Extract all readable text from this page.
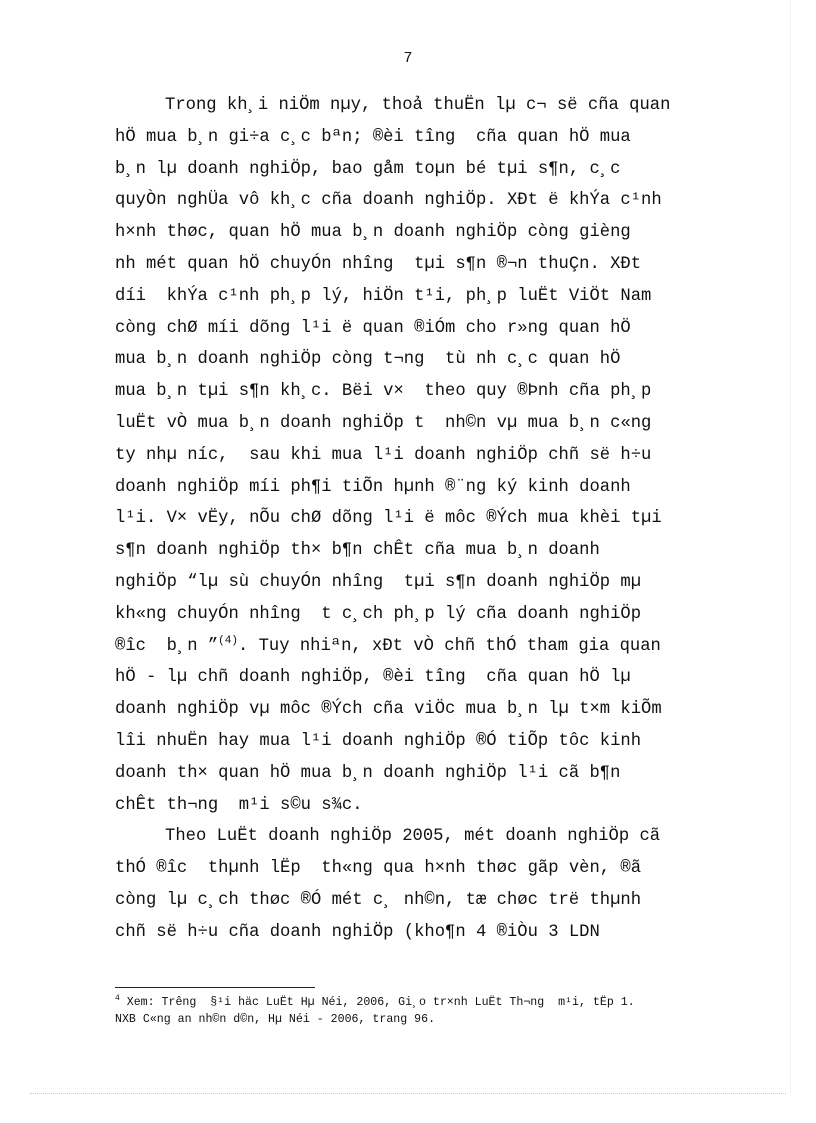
7
Trong kh¸i niÖm nµy, thoả thuËn lµ c¬ së cña quan
hÖ mua b¸n gi÷a c¸c bªn; ®èi tîng  cña quan hÖ mua
b¸n lµ doanh nghiÖp, bao gåm toµn bé tµi s¶n, c¸c
quyÒn nghÜa vô kh¸c cña doanh nghiÖp. XÐt ë khÝa c¹nh
h×nh thøc, quan hÖ mua b¸n doanh nghiÖp còng gièng
nh mét quan hÖ chuyÓn nhîng  tµi s¶n ®¬n thuÇn. XÐt
díi  khÝa c¹nh ph¸p lý, hiÖn t¹i, ph¸p luËt ViÖt Nam
còng chØ míi dõng l¹i ë quan ®iÓm cho r»ng quan hÖ
mua b¸n doanh nghiÖp còng t¬ng  tù nh c¸c quan hÖ
mua b¸n tµi s¶n kh¸c. Bëi v×  theo quy ®Þnh cña ph¸p
luËt vÒ mua b¸n doanh nghiÖp t  nh©n vµ mua b¸n c«ng
ty nhµ níc,  sau khi mua l¹i doanh nghiÖp chñ së h÷u
doanh nghiÖp míi ph¶i tiÕn hµnh ®¨ng ký kinh doanh
l¹i. V× vËy, nÕu chØ dõng l¹i ë môc ®Ých mua khèi tµi
s¶n doanh nghiÖp th× b¶n chÊt cña mua b¸n doanh
nghiÖp “lµ sù chuyÓn nhîng  tµi s¶n doanh nghiÖp mµ
kh«ng chuyÓn nhîng  t c¸ch ph¸p lý cña doanh nghiÖp
®îc  b¸n ”$^{(4)}$. Tuy nhiªn, xÐt vÒ chñ thÓ tham gia quan
hÖ - lµ chñ doanh nghiÖp, ®èi tîng  cña quan hÖ lµ
doanh nghiÖp vµ môc ®Ých cña viÖc mua b¸n lµ t×m kiÕm
lîi nhuËn hay mua l¹i doanh nghiÖp ®Ó tiÕp tôc kinh
doanh th× quan hÖ mua b¸n doanh nghiÖp l¹i cã b¶n
chÊt th¬ng  m¹i s©u s¾c.
Theo LuËt doanh nghiÖp 2005, mét doanh nghiÖp cã
thÓ ®îc  thµnh lËp  th«ng qua h×nh thøc gãp vèn, ®ã
còng lµ c¸ch thøc ®Ó mét c¸ nh©n, tæ chøc trë thµnh
chñ së h÷u cña doanh nghiÖp (kho¶n 4 ®iÒu 3 LDN
$^4$ Xem: Trêng  §¹i häc LuËt Hµ Néi, 2006, Gi¸o tr×nh LuËt Th¬ng  m¹i, tËp 1.
NXB C«ng an nh©n d©n, Hµ Néi - 2006, trang 96.
